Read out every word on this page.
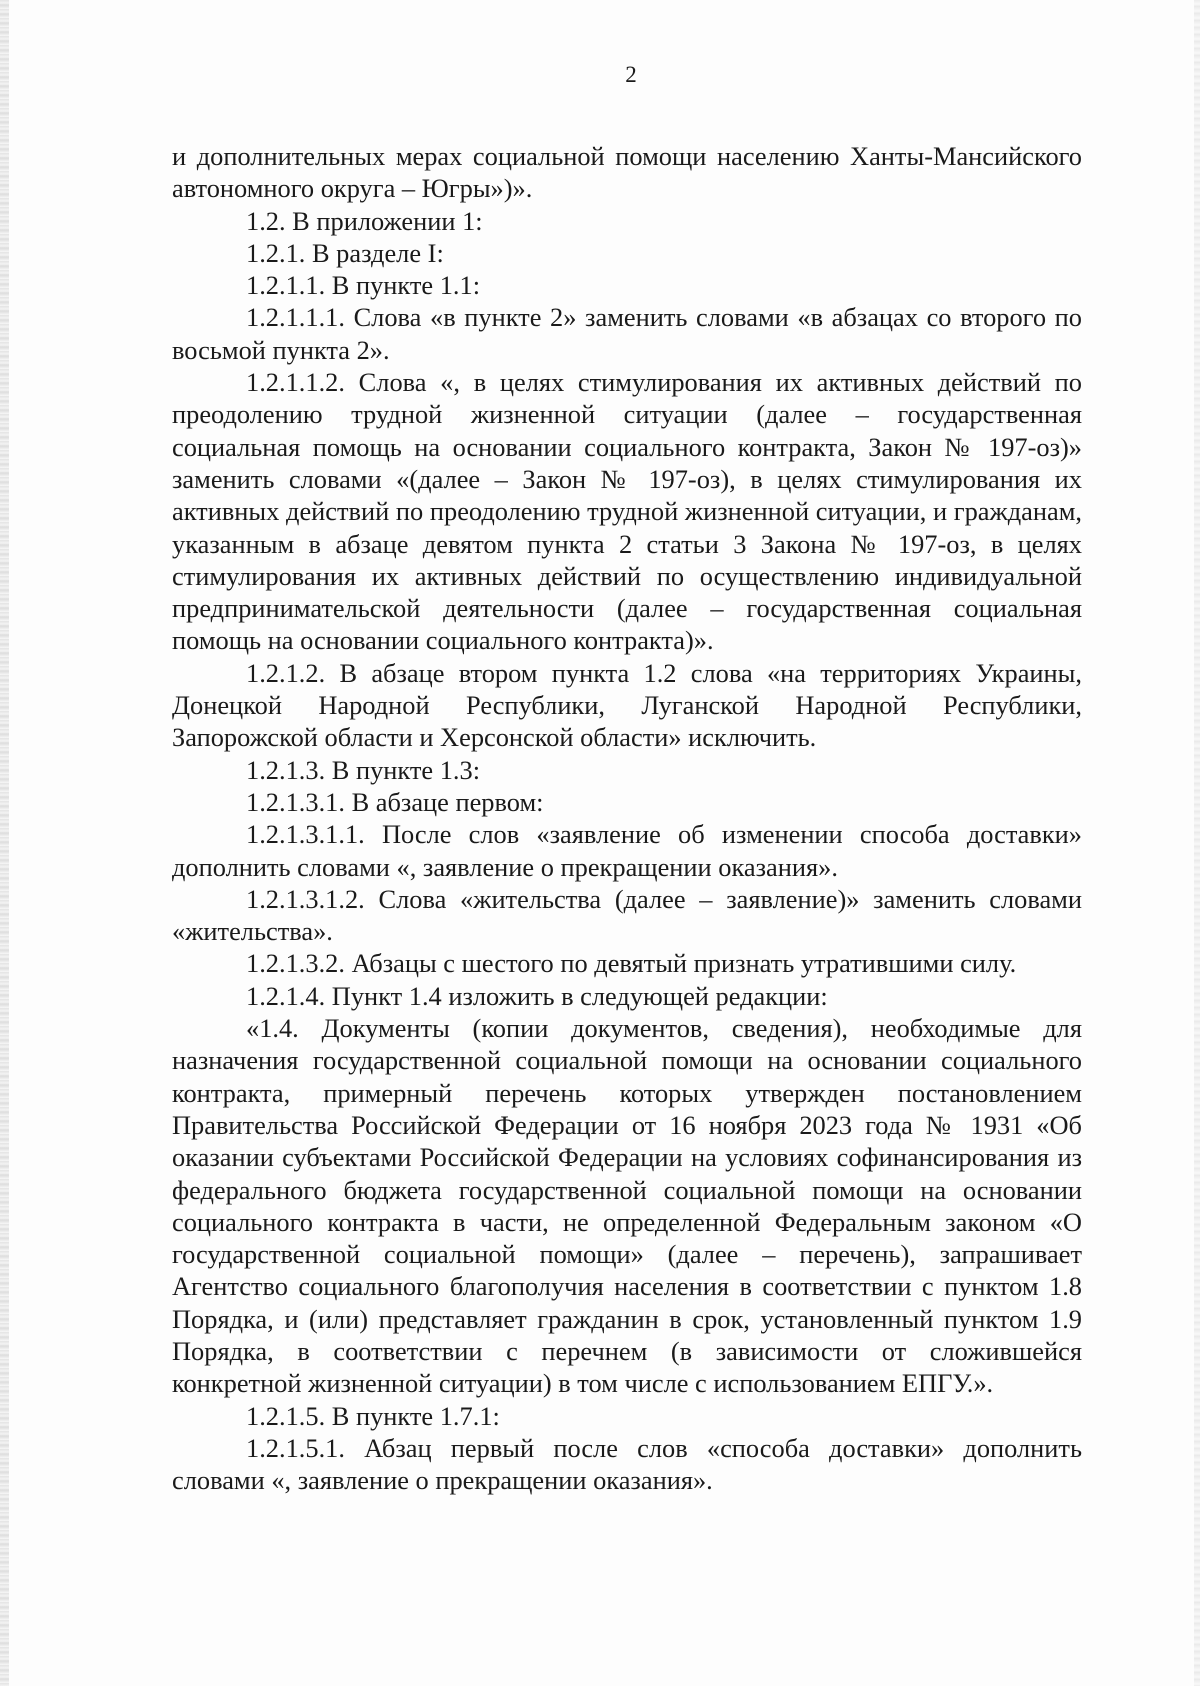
2

и дополнительных мерах социальной помощи населению Ханты-Мансийского автономного округа – Югры»)».

1.2. В приложении 1:

1.2.1. В разделе I:

1.2.1.1. В пункте 1.1:

1.2.1.1.1. Слова «в пункте 2» заменить словами «в абзацах со второго по восьмой пункта 2».

1.2.1.1.2. Слова «, в целях стимулирования их активных действий по преодолению трудной жизненной ситуации (далее – государственная социальная помощь на основании социального контракта, Закон № 197-оз)» заменить словами «(далее – Закон № 197-оз), в целях стимулирования их активных действий по преодолению трудной жизненной ситуации, и гражданам, указанным в абзаце девятом пункта 2 статьи 3 Закона № 197-оз, в целях стимулирования их активных действий по осуществлению индивидуальной предпринимательской деятельности (далее – государственная социальная помощь на основании социального контракта)».

1.2.1.2. В абзаце втором пункта 1.2 слова «на территориях Украины, Донецкой Народной Республики, Луганской Народной Республики, Запорожской области и Херсонской области» исключить.

1.2.1.3. В пункте 1.3:

1.2.1.3.1. В абзаце первом:

1.2.1.3.1.1. После слов «заявление об изменении способа доставки» дополнить словами «, заявление о прекращении оказания».

1.2.1.3.1.2. Слова «жительства (далее – заявление)» заменить словами «жительства».

1.2.1.3.2. Абзацы с шестого по девятый признать утратившими силу.

1.2.1.4. Пункт 1.4 изложить в следующей редакции:

«1.4. Документы (копии документов, сведения), необходимые для назначения государственной социальной помощи на основании социального контракта, примерный перечень которых утвержден постановлением Правительства Российской Федерации от 16 ноября 2023 года № 1931 «Об оказании субъектами Российской Федерации на условиях софинансирования из федерального бюджета государственной социальной помощи на основании социального контракта в части, не определенной Федеральным законом «О государственной социальной помощи» (далее – перечень), запрашивает Агентство социального благополучия населения в соответствии с пунктом 1.8 Порядка, и (или) представляет гражданин в срок, установленный пунктом 1.9 Порядка, в соответствии с перечнем (в зависимости от сложившейся конкретной жизненной ситуации) в том числе с использованием ЕПГУ.».

1.2.1.5. В пункте 1.7.1:

1.2.1.5.1. Абзац первый после слов «способа доставки» дополнить словами «, заявление о прекращении оказания».
